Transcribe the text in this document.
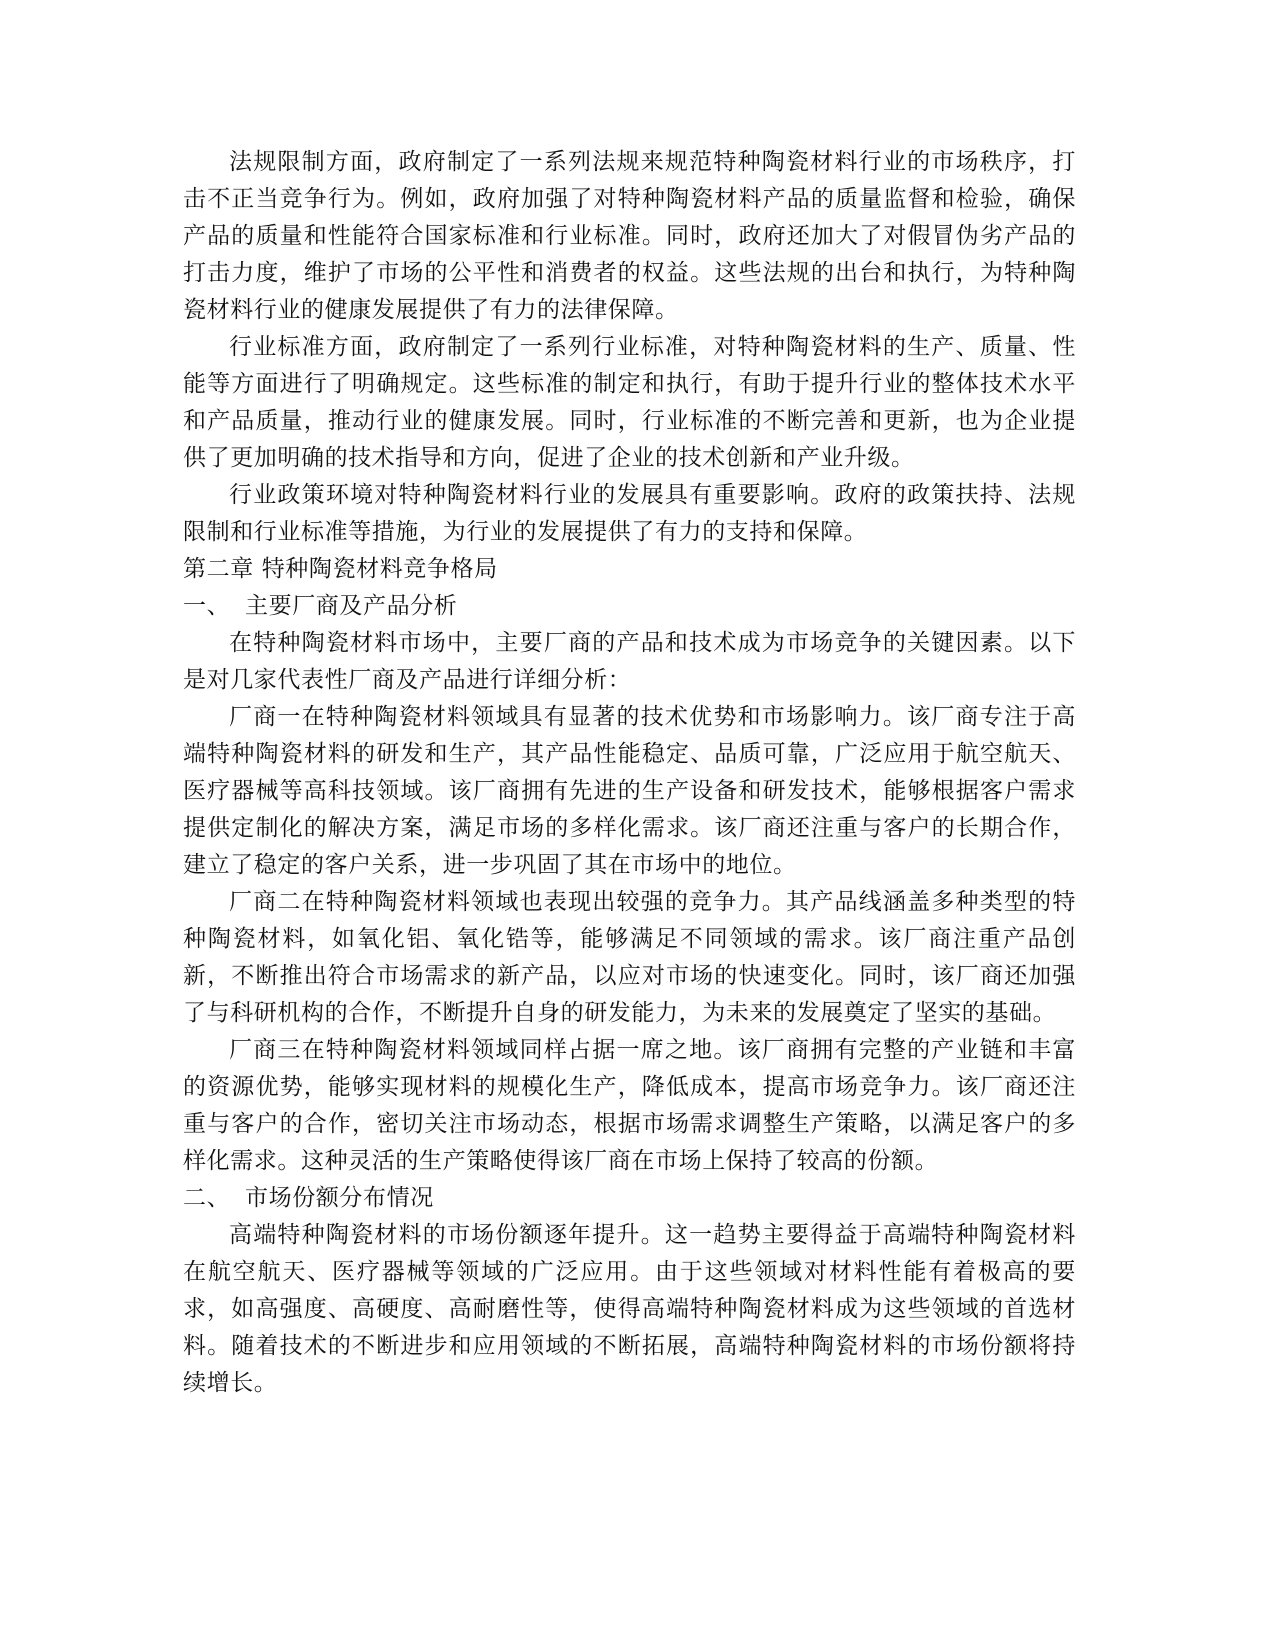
法规限制方面，政府制定了一系列法规来规范特种陶瓷材料行业的市场秩序，打击不正当竞争行为。例如，政府加强了对特种陶瓷材料产品的质量监督和检验，确保产品的质量和性能符合国家标准和行业标准。同时，政府还加大了对假冒伪劣产品的打击力度，维护了市场的公平性和消费者的权益。这些法规的出台和执行，为特种陶瓷材料行业的健康发展提供了有力的法律保障。

行业标准方面，政府制定了一系列行业标准，对特种陶瓷材料的生产、质量、性能等方面进行了明确规定。这些标准的制定和执行，有助于提升行业的整体技术水平和产品质量，推动行业的健康发展。同时，行业标准的不断完善和更新，也为企业提供了更加明确的技术指导和方向，促进了企业的技术创新和产业升级。

行业政策环境对特种陶瓷材料行业的发展具有重要影响。政府的政策扶持、法规限制和行业标准等措施，为行业的发展提供了有力的支持和保障。

第二章 特种陶瓷材料竞争格局

一、 主要厂商及产品分析

在特种陶瓷材料市场中，主要厂商的产品和技术成为市场竞争的关键因素。以下是对几家代表性厂商及产品进行详细分析：

厂商一在特种陶瓷材料领域具有显著的技术优势和市场影响力。该厂商专注于高端特种陶瓷材料的研发和生产，其产品性能稳定、品质可靠，广泛应用于航空航天、医疗器械等高科技领域。该厂商拥有先进的生产设备和研发技术，能够根据客户需求提供定制化的解决方案，满足市场的多样化需求。该厂商还注重与客户的长期合作，建立了稳定的客户关系，进一步巩固了其在市场中的地位。

厂商二在特种陶瓷材料领域也表现出较强的竞争力。其产品线涵盖多种类型的特种陶瓷材料，如氧化铝、氧化锆等，能够满足不同领域的需求。该厂商注重产品创新，不断推出符合市场需求的新产品，以应对市场的快速变化。同时，该厂商还加强了与科研机构的合作，不断提升自身的研发能力，为未来的发展奠定了坚实的基础。

厂商三在特种陶瓷材料领域同样占据一席之地。该厂商拥有完整的产业链和丰富的资源优势，能够实现材料的规模化生产，降低成本，提高市场竞争力。该厂商还注重与客户的合作，密切关注市场动态，根据市场需求调整生产策略，以满足客户的多样化需求。这种灵活的生产策略使得该厂商在市场上保持了较高的份额。

二、 市场份额分布情况

高端特种陶瓷材料的市场份额逐年提升。这一趋势主要得益于高端特种陶瓷材料在航空航天、医疗器械等领域的广泛应用。由于这些领域对材料性能有着极高的要求，如高强度、高硬度、高耐磨性等，使得高端特种陶瓷材料成为这些领域的首选材料。随着技术的不断进步和应用领域的不断拓展，高端特种陶瓷材料的市场份额将持续增长。
